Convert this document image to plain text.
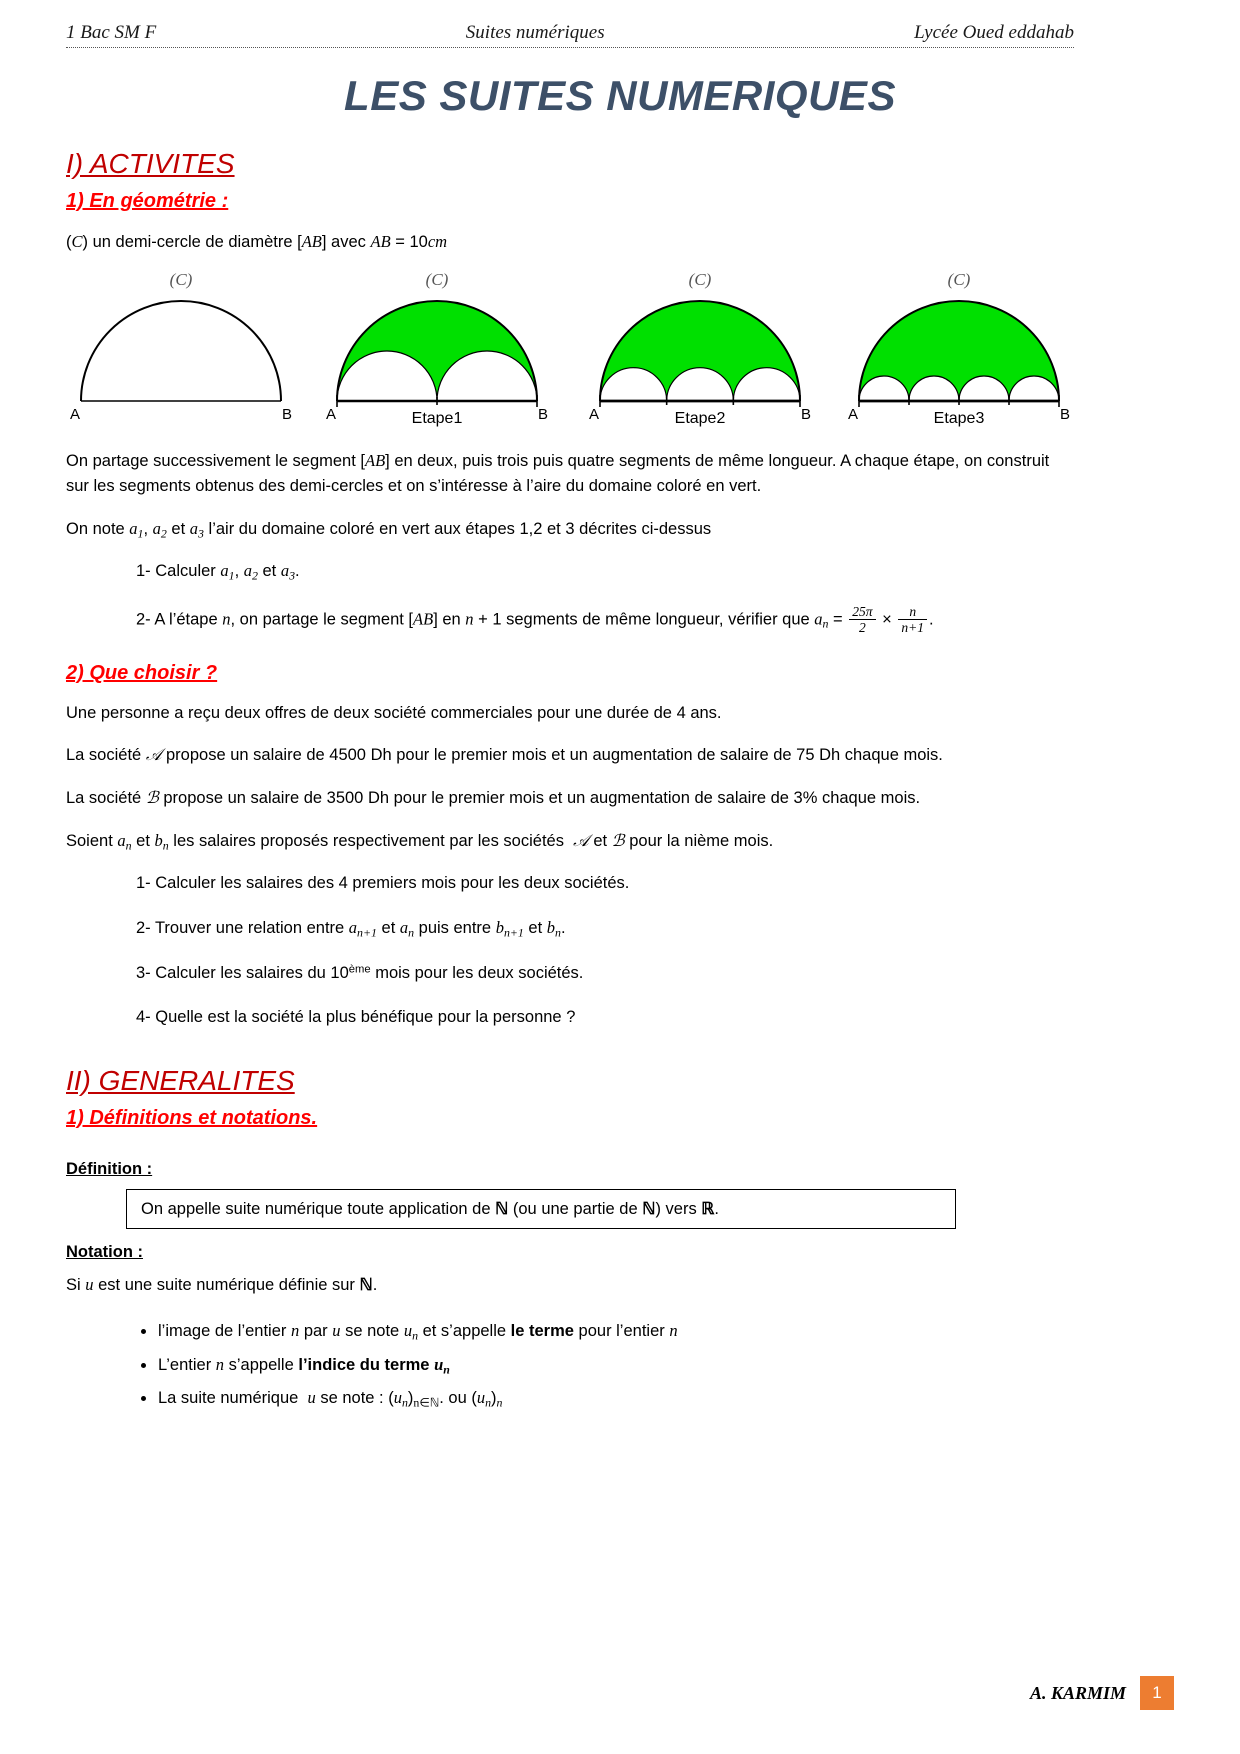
1 Bac SM F	Suites numériques	Lycée Oued eddahab
LES SUITES NUMERIQUES
I) ACTIVITES
1) En géométrie :

(C) un demi-cercle de diamètre [AB] avec AB = 10cm

(C)
A	B
(C)
A	B
Etape1
(C)
A	B
Etape2
(C)
A	B
Etape3

On partage successivement le segment [AB] en deux, puis trois puis quatre segments de même longueur. A chaque étape, on construit sur les segments obtenus des demi-cercles et on s’intéresse à l’aire du domaine coloré en vert.

On note $a_1$, $a_2$ et $a_3$ l’air du domaine coloré en vert aux étapes 1,2 et 3 décrites ci-dessus

1- Calculer $a_1$, $a_2$ et $a_3$.

2- A l’étape n, on partage le segment [AB] en n + 1 segments de même longueur, vérifier que $a_n = \frac{25\pi}{2} \times \frac{n}{n+1}$ .

2) Que choisir ?

Une personne a reçu deux offres de deux société commerciales pour une durée de 4 ans.

La société 𝒜 propose un salaire de 4500 Dh pour le premier mois et un augmentation de salaire de 75 Dh chaque mois.

La société ℬ propose un salaire de 3500 Dh pour le premier mois et un augmentation de salaire de 3% chaque mois.

Soient $a_n$ et $b_n$ les salaires proposés respectivement par les sociétés  𝒜 et ℬ pour la nième mois.

1- Calculer les salaires des 4 premiers mois pour les deux sociétés.

2- Trouver une relation entre $a_{n+1}$ et $a_n$ puis entre $b_{n+1}$ et $b_n$.

3- Calculer les salaires du 10ème mois pour les deux sociétés.

4- Quelle est la société la plus bénéfique pour la personne ?

II) GENERALITES
1) Définitions et notations.
Définition :
On appelle suite numérique toute application de ℕ (ou une partie de ℕ) vers ℝ.
Notation :

Si u est une suite numérique définie sur ℕ.

• l’image de l’entier n par u se note $u_n$ et s’appelle le terme pour l’entier n
• L’entier n s’appelle l’indice du terme $u_n$
• La suite numérique  u se note : $(u_n)_{n\in ℕ}$. ou $(u_n)_n$
A. KARMIM	1
